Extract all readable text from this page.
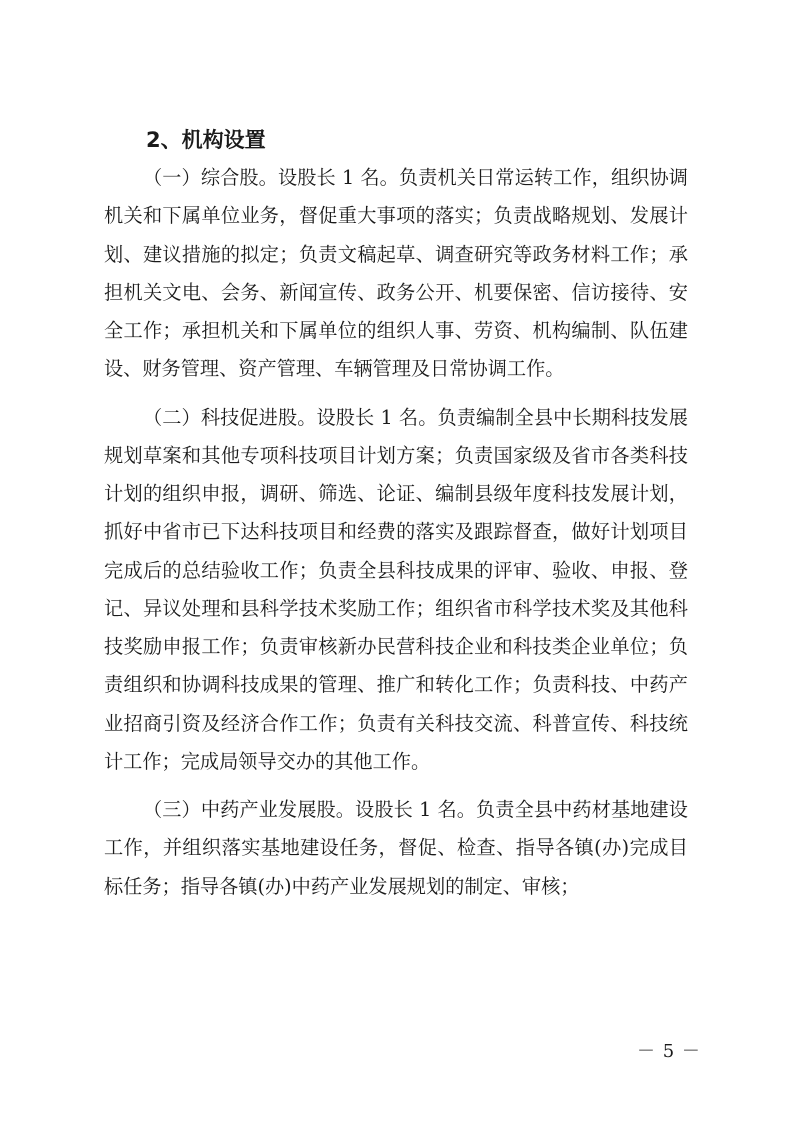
2、机构设置

（一）综合股。设股长 1 名。负责机关日常运转工作，组织协调机关和下属单位业务，督促重大事项的落实；负责战略规划、发展计划、建议措施的拟定；负责文稿起草、调查研究等政务材料工作；承担机关文电、会务、新闻宣传、政务公开、机要保密、信访接待、安全工作；承担机关和下属单位的组织人事、劳资、机构编制、队伍建设、财务管理、资产管理、车辆管理及日常协调工作。

（二）科技促进股。设股长 1 名。负责编制全县中长期科技发展规划草案和其他专项科技项目计划方案；负责国家级及省市各类科技计划的组织申报，调研、筛选、论证、编制县级年度科技发展计划，抓好中省市已下达科技项目和经费的落实及跟踪督查，做好计划项目完成后的总结验收工作；负责全县科技成果的评审、验收、申报、登记、异议处理和县科学技术奖励工作；组织省市科学技术奖及其他科技奖励申报工作；负责审核新办民营科技企业和科技类企业单位；负责组织和协调科技成果的管理、推广和转化工作；负责科技、中药产业招商引资及经济合作工作；负责有关科技交流、科普宣传、科技统计工作；完成局领导交办的其他工作。

（三）中药产业发展股。设股长 1 名。负责全县中药材基地建设工作，并组织落实基地建设任务，督促、检查、指导各镇(办)完成目标任务；指导各镇(办)中药产业发展规划的制定、审核；

－ 5 －
